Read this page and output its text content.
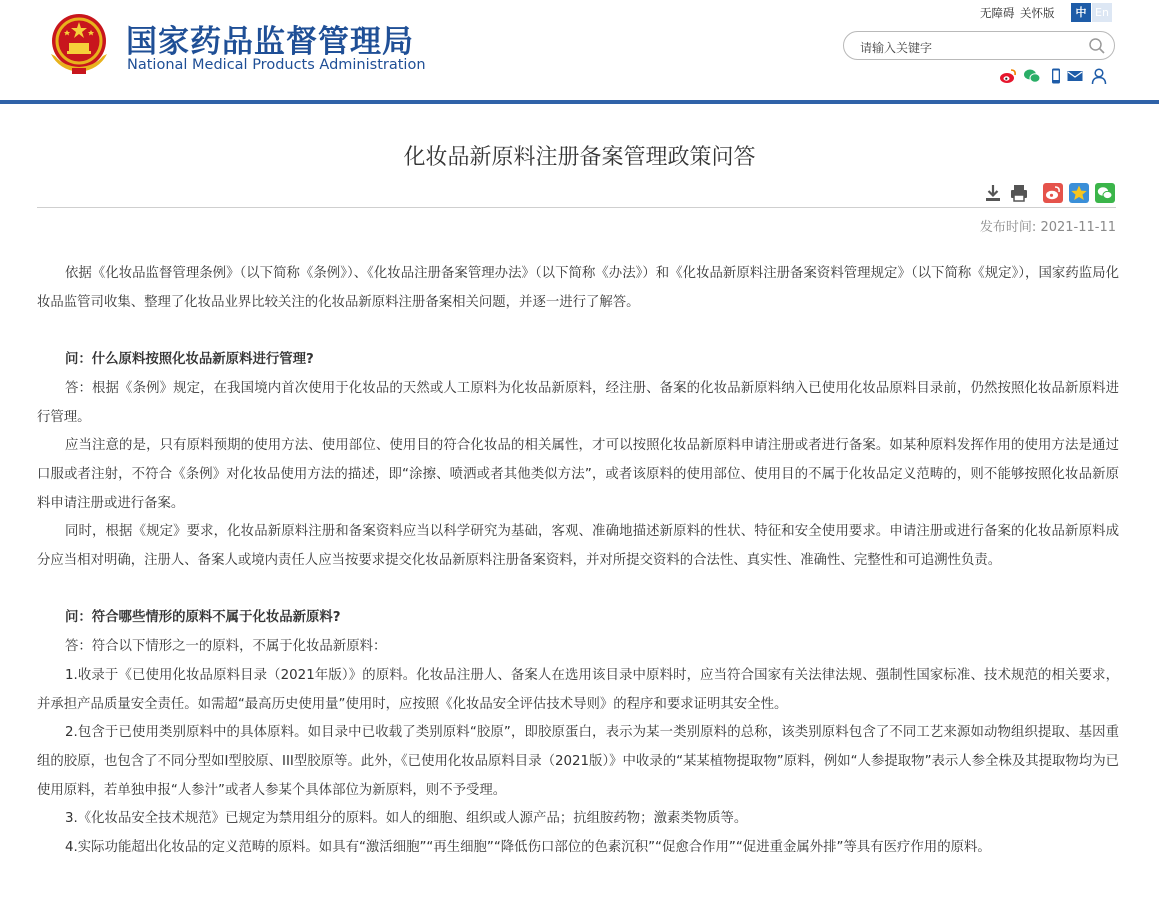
国家药品监督管理局
National Medical Products Administration
无障碍 关怀版	中 En
请输入关键字
化妆品新原料注册备案管理政策问答
发布时间: 2021-11-11

依据《化妆品监督管理条例》（以下简称《条例》）、《化妆品注册备案管理办法》（以下简称《办法》）和《化妆品新原料注册备案资料管理规定》（以下简称《规定》），国家药监局化妆品监管司收集、整理了化妆品业界比较关注的化妆品新原料注册备案相关问题，并逐一进行了解答。

问：什么原料按照化妆品新原料进行管理?

答：根据《条例》规定，在我国境内首次使用于化妆品的天然或人工原料为化妆品新原料，经注册、备案的化妆品新原料纳入已使用化妆品原料目录前，仍然按照化妆品新原料进行管理。

应当注意的是，只有原料预期的使用方法、使用部位、使用目的符合化妆品的相关属性，才可以按照化妆品新原料申请注册或者进行备案。如某种原料发挥作用的使用方法是通过口服或者注射，不符合《条例》对化妆品使用方法的描述，即“涂擦、喷洒或者其他类似方法”，或者该原料的使用部位、使用目的不属于化妆品定义范畴的，则不能够按照化妆品新原料申请注册或进行备案。

同时，根据《规定》要求，化妆品新原料注册和备案资料应当以科学研究为基础，客观、准确地描述新原料的性状、特征和安全使用要求。申请注册或进行备案的化妆品新原料成分应当相对明确，注册人、备案人或境内责任人应当按要求提交化妆品新原料注册备案资料，并对所提交资料的合法性、真实性、准确性、完整性和可追溯性负责。

问：符合哪些情形的原料不属于化妆品新原料?

答：符合以下情形之一的原料，不属于化妆品新原料：

1.收录于《已使用化妆品原料目录（2021年版）》的原料。化妆品注册人、备案人在选用该目录中原料时，应当符合国家有关法律法规、强制性国家标准、技术规范的相关要求，并承担产品质量安全责任。如需超“最高历史使用量”使用时，应按照《化妆品安全评估技术导则》的程序和要求证明其安全性。

2.包含于已使用类别原料中的具体原料。如目录中已收载了类别原料“胶原”，即胶原蛋白，表示为某一类别原料的总称，该类别原料包含了不同工艺来源如动物组织提取、基因重组的胶原，也包含了不同分型如I型胶原、III型胶原等。此外，《已使用化妆品原料目录（2021版）》中收录的“某某植物提取物”原料，例如“人参提取物”表示人参全株及其提取物均为已使用原料，若单独申报“人参汁”或者人参某个具体部位为新原料，则不予受理。

3.《化妆品安全技术规范》已规定为禁用组分的原料。如人的细胞、组织或人源产品；抗组胺药物；激素类物质等。

4.实际功能超出化妆品的定义范畴的原料。如具有“激活细胞”“再生细胞”“降低伤口部位的色素沉积”“促愈合作用”“促进重金属外排”等具有医疗作用的原料。
